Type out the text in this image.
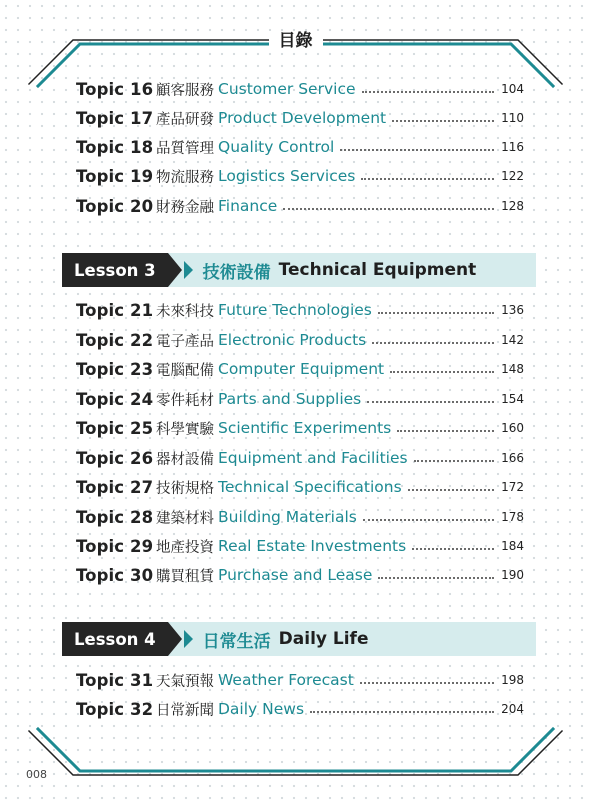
目錄
Topic 16 顧客服務 Customer Service	104
Topic 17 產品研發 Product Development	110
Topic 18 品質管理 Quality Control	116
Topic 19 物流服務 Logistics Services	122
Topic 20 財務金融 Finance	128
Lesson 3	技術設備 Technical Equipment
Topic 21 未來科技 Future Technologies	136
Topic 22 電子產品 Electronic Products	142
Topic 23 電腦配備 Computer Equipment	148
Topic 24 零件耗材 Parts and Supplies	154
Topic 25 科學實驗 Scientific Experiments	160
Topic 26 器材設備 Equipment and Facilities	166
Topic 27 技術規格 Technical Specifications	172
Topic 28 建築材料 Building Materials	178
Topic 29 地產投資 Real Estate Investments	184
Topic 30 購買租賃 Purchase and Lease	190
Lesson 4	日常生活 Daily Life
Topic 31 天氣預報 Weather Forecast	198
Topic 32 日常新聞 Daily News	204
008
